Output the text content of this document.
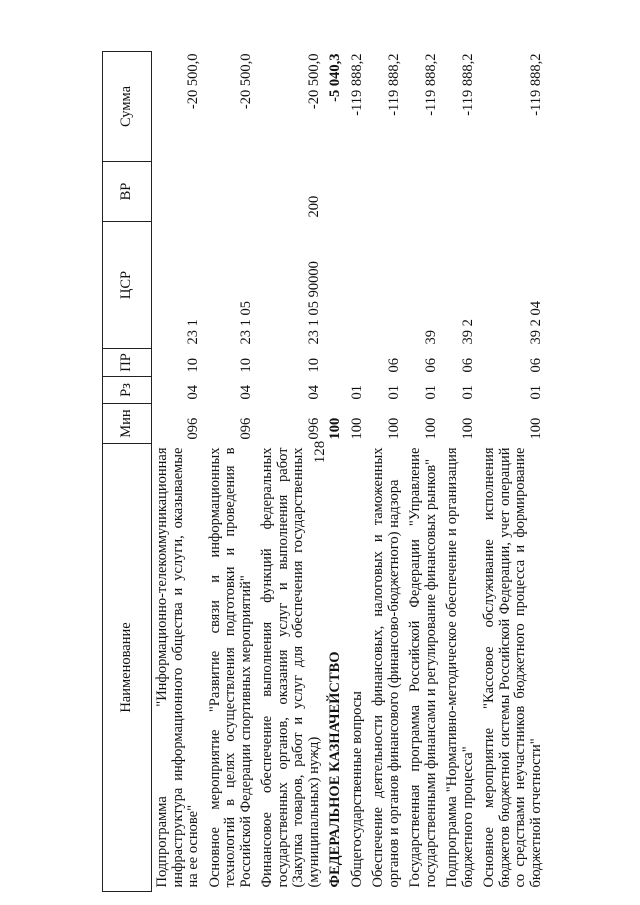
128
Наименование	Мин	Рз	ПР	ЦСР	ВР	Сумма
Подпрограмма "Информационно-телекоммуникационная инфраструктура информационного общества и услуги, оказываемые на ее основе"	096	04	10	23 1		-20 500,0
Основное мероприятие "Развитие связи и информационных технологий в целях осуществления подготовки и проведения в Российской Федерации спортивных мероприятий"	096	04	10	23 1 05		-20 500,0
Финансовое обеспечение выполнения функций федеральных государственных органов, оказания услуг и выполнения работ (Закупка товаров, работ и услуг для обеспечения государственных (муниципальных) нужд)	096	04	10	23 1 05 90000	200	-20 500,0
ФЕДЕРАЛЬНОЕ КАЗНАЧЕЙСТВО	100					-5 040,3
Общегосударственные вопросы	100	01				-119 888,2
Обеспечение деятельности финансовых, налоговых и таможенных органов и органов финансового (финансово-бюджетного) надзора	100	01	06			-119 888,2
Государственная программа Российской Федерации "Управление государственными финансами и регулирование финансовых рынков"	100	01	06	39		-119 888,2
Подпрограмма "Нормативно-методическое обеспечение и организация бюджетного процесса"	100	01	06	39 2		-119 888,2
Основное мероприятие "Кассовое обслуживание исполнения бюджетов бюджетной системы Российской Федерации, учет операций со средствами неучастников бюджетного процесса и формирование бюджетной отчетности"	100	01	06	39 2 04		-119 888,2
